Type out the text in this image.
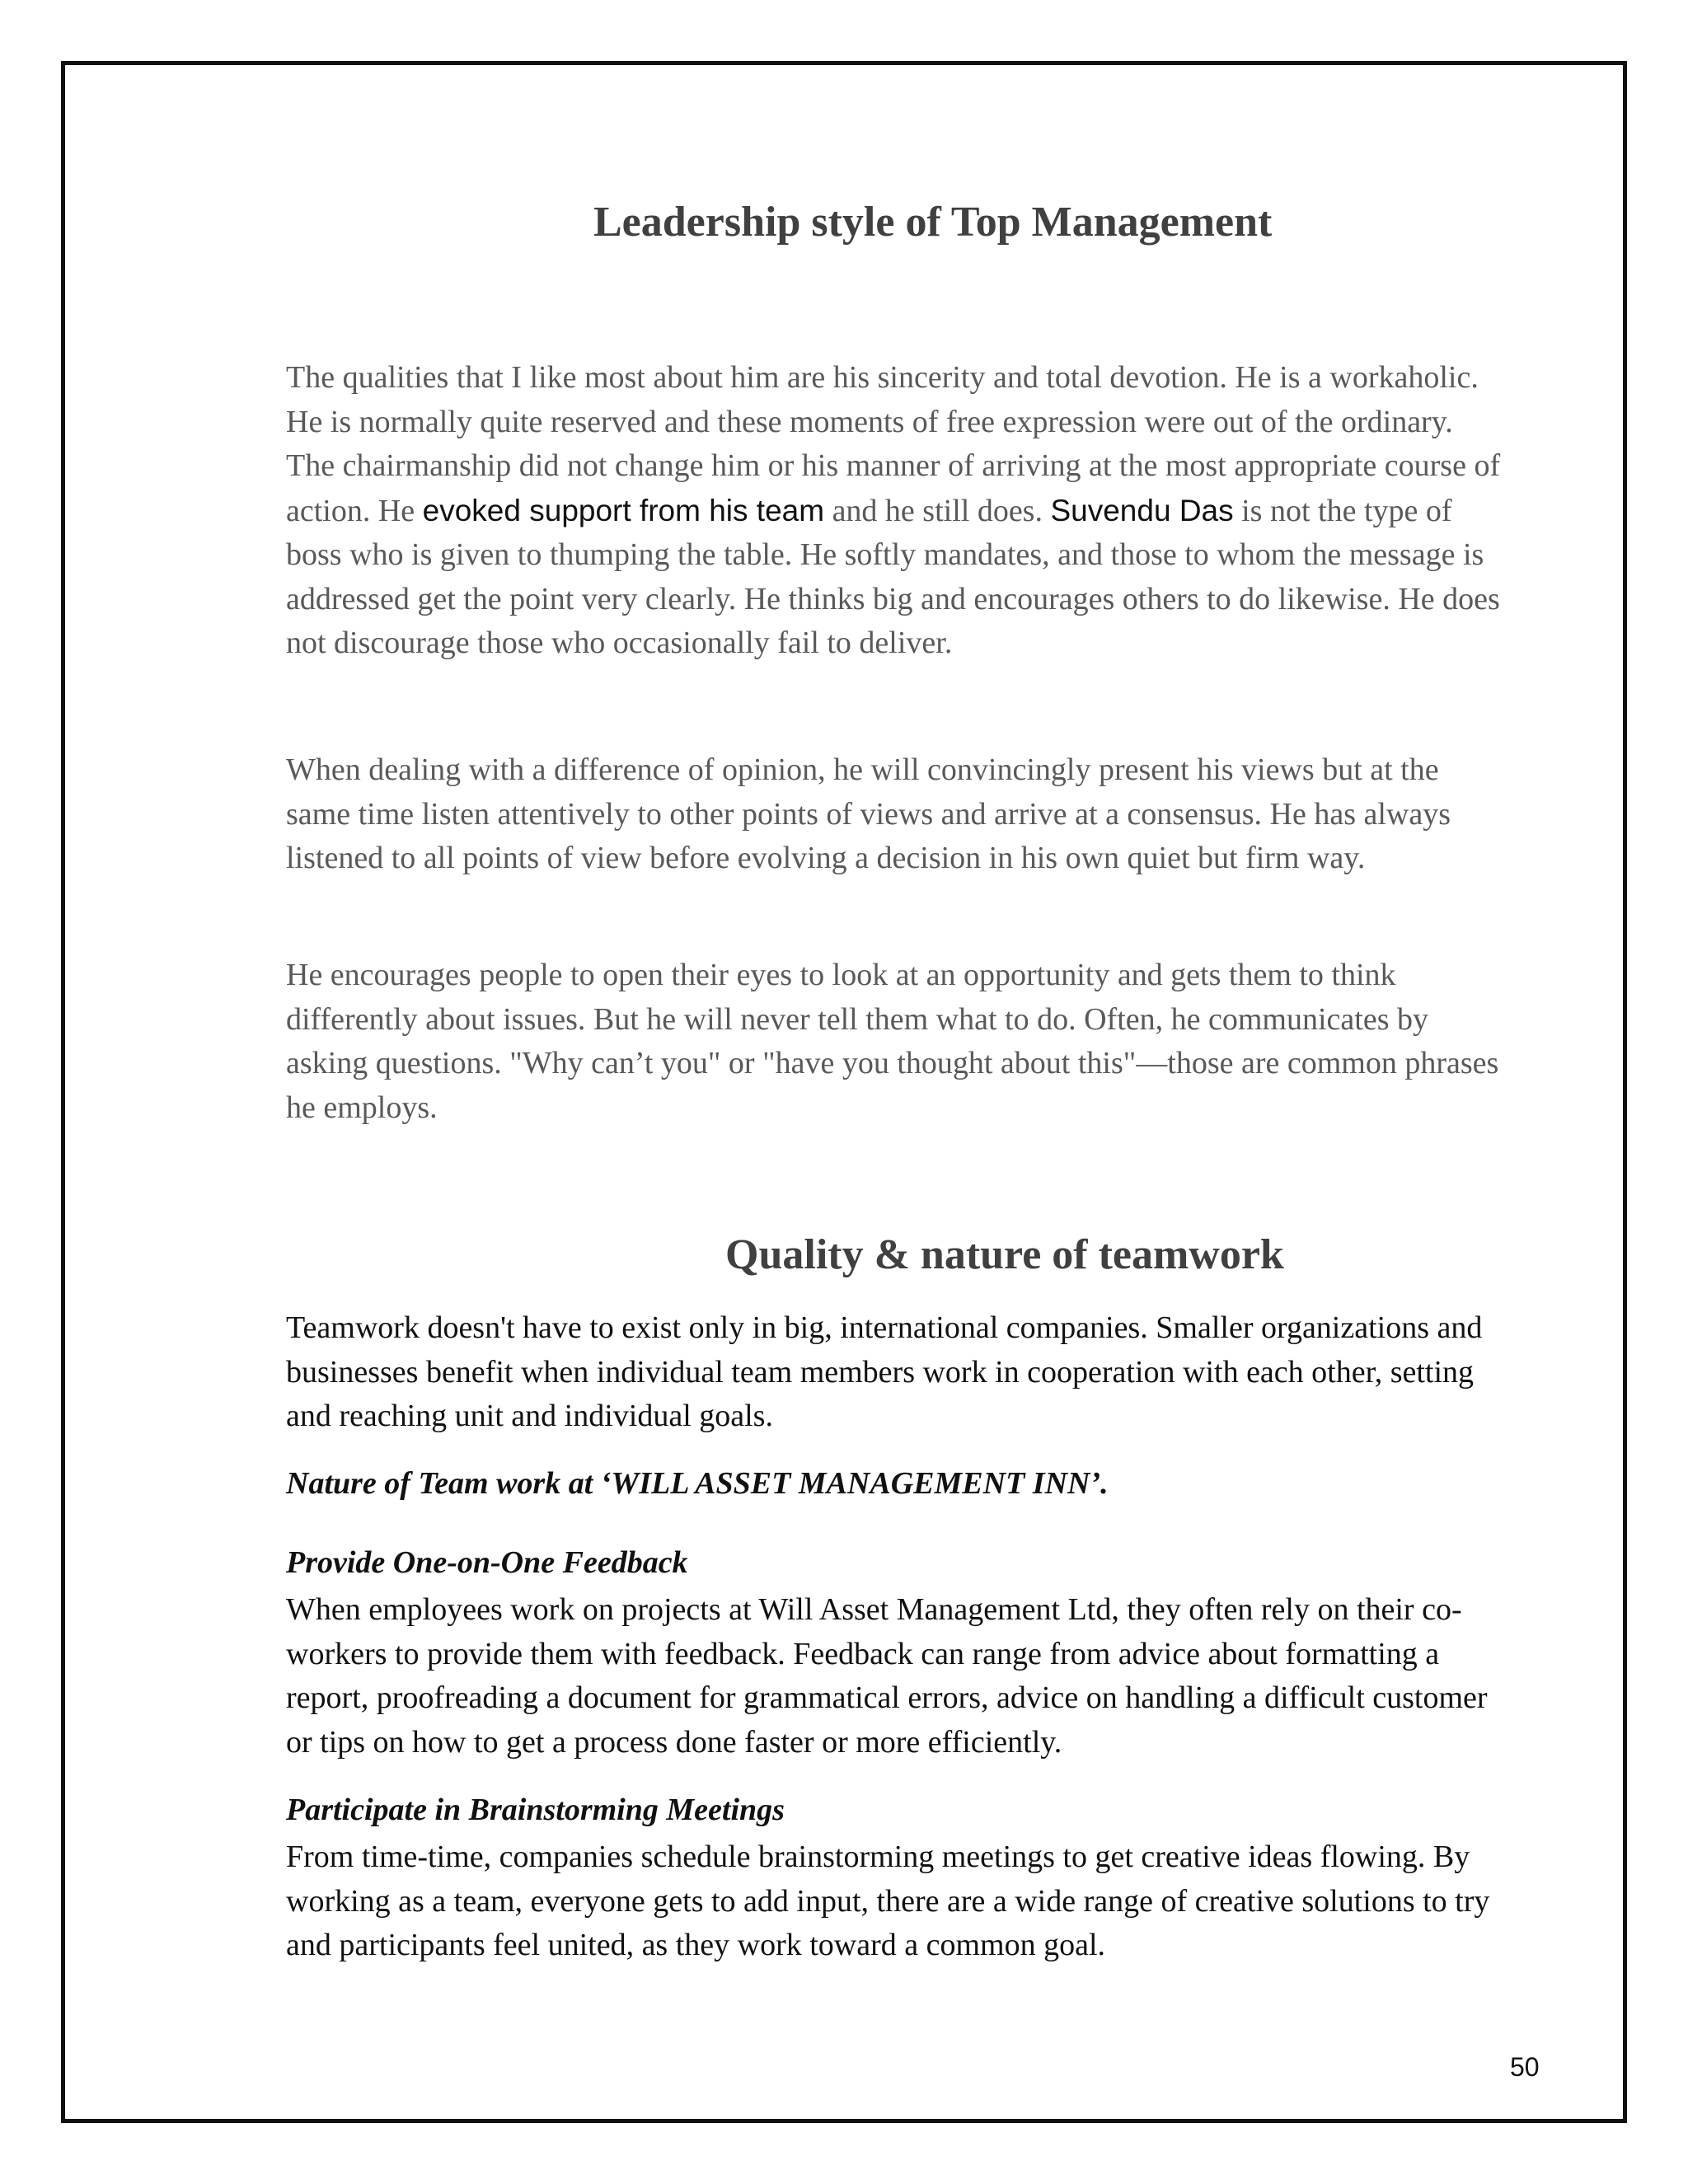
Leadership style of Top Management

The qualities that I like most about him are his sincerity and total devotion. He is a workaholic. He is normally quite reserved and these moments of free expression were out of the ordinary. The chairmanship did not change him or his manner of arriving at the most appropriate course of action. He evoked support from his team and he still does. Suvendu Das is not the type of boss who is given to thumping the table. He softly mandates, and those to whom the message is addressed get the point very clearly. He thinks big and encourages others to do likewise. He does not discourage those who occasionally fail to deliver.

When dealing with a difference of opinion, he will convincingly present his views but at the same time listen attentively to other points of views and arrive at a consensus. He has always listened to all points of view before evolving a decision in his own quiet but firm way.

He encourages people to open their eyes to look at an opportunity and gets them to think differently about issues. But he will never tell them what to do. Often, he communicates by asking questions. "Why can’t you" or "have you thought about this"—those are common phrases he employs.

Quality & nature of teamwork

Teamwork doesn't have to exist only in big, international companies. Smaller organizations and businesses benefit when individual team members work in cooperation with each other, setting and reaching unit and individual goals.

Nature of Team work at ‘WILL ASSET MANAGEMENT INN’.

Provide One-on-One Feedback

When employees work on projects at Will Asset Management Ltd, they often rely on their co-workers to provide them with feedback. Feedback can range from advice about formatting a report, proofreading a document for grammatical errors, advice on handling a difficult customer or tips on how to get a process done faster or more efficiently.

Participate in Brainstorming Meetings

From time-time, companies schedule brainstorming meetings to get creative ideas flowing. By working as a team, everyone gets to add input, there are a wide range of creative solutions to try and participants feel united, as they work toward a common goal.

50
